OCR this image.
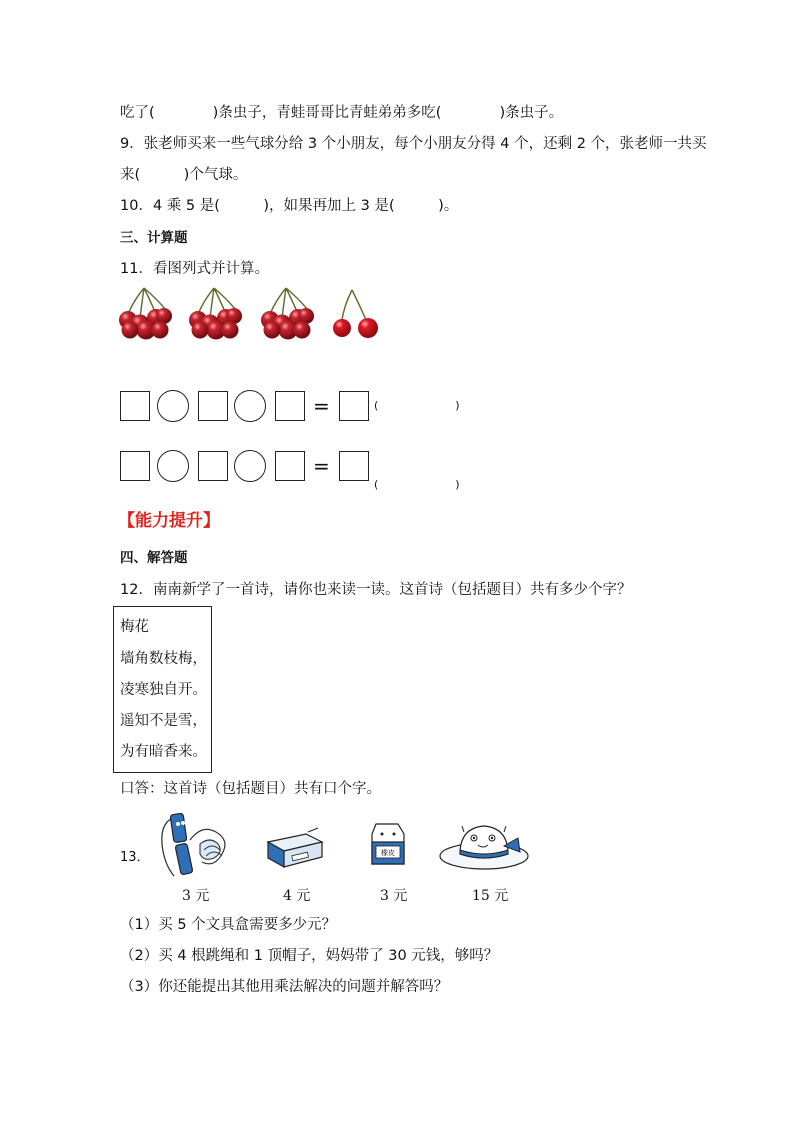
吃了(　　　　)条虫子，青蛙哥哥比青蛙弟弟多吃(　　　　)条虫子。
9．张老师买来一些气球分给 3 个小朋友，每个小朋友分得 4 个，还剩 2 个，张老师一共买
来(　　　)个气球。
10．4 乘 5 是(　　　)，如果再加上 3 是(　　　)。
三、计算题
11．看图列式并计算。
=	(　　　　　　　)
=
(　　　　　　　)
【能力提升】
四、解答题
12．南南新学了一首诗，请你也来读一读。这首诗（包括题目）共有多少个字？
梅花
墙角数枝梅，
凌寒独自开。
遥知不是雪，
为有暗香来。
口答：这首诗（包括题目）共有口个字。
13．
3 元	4 元
橡皮
3 元	15 元
（1）买 5 个文具盒需要多少元？
（2）买 4 根跳绳和 1 顶帽子，妈妈带了 30 元钱，够吗？
（3）你还能提出其他用乘法解决的问题并解答吗？
